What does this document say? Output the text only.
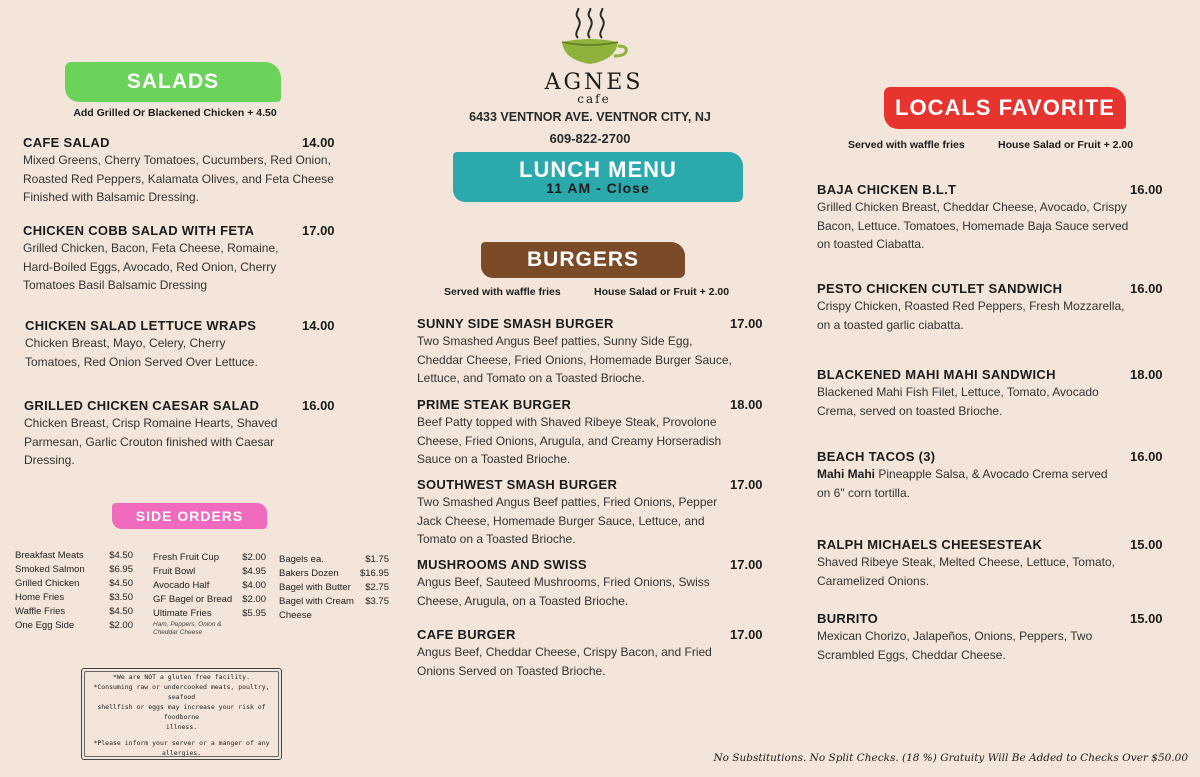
AGNES
cafe
6433 VENTNOR AVE. VENTNOR CITY, NJ
609-822-2700
LUNCH MENU
11 AM - Close
SALADS
Add Grilled Or Blackened Chicken + 4.50
CAFE SALAD	14.00
Mixed Greens, Cherry Tomatoes, Cucumbers, Red Onion,
Roasted Red Peppers, Kalamata Olives, and Feta Cheese
Finished with Balsamic Dressing.
CHICKEN COBB SALAD WITH FETA	17.00
Grilled Chicken, Bacon, Feta Cheese, Romaine,
Hard-Boiled Eggs, Avocado, Red Onion, Cherry
Tomatoes Basil Balsamic Dressing
CHICKEN SALAD LETTUCE WRAPS	14.00
Chicken Breast, Mayo, Celery, Cherry
Tomatoes, Red Onion Served Over Lettuce.
GRILLED CHICKEN CAESAR SALAD	16.00
Chicken Breast, Crisp Romaine Hearts, Shaved
Parmesan, Garlic Crouton finished with Caesar
Dressing.
SIDE ORDERS
Breakfast Meats	$4.50
Smoked Salmon	$6.95
Grilled Chicken	$4.50
Home Fries	$3.50
Waffle Fries	$4.50
One Egg Side	$2.00
Fresh Fruit Cup $2.00
Fruit Bowl	$4.95
Avocado Half	$4.00
GF Bagel or Bread $2.00
Ultimate Fries	$5.95
Ham, Peppers, Onion &
Cheddar Cheese
Bagels ea.	$1.75
Bakers Dozen $16.95
Bagel with Butter $2.75
Bagel with Cream $3.75
Cheese
*We are NOT a gluten free facility.
*Consuming raw or undercooked meats, poultry, seafood
shellfish or eggs may increase your risk of foodborne
illness.
*Please inform your server or a manger of any
allergies.
BURGERS
Served with waffle fries	House Salad or Fruit + 2.00
SUNNY SIDE SMASH BURGER	17.00
Two Smashed Angus Beef patties, Sunny Side Egg,
Cheddar Cheese, Fried Onions, Homemade Burger Sauce,
Lettuce, and Tomato on a Toasted Brioche.
PRIME STEAK BURGER	18.00
Beef Patty topped with Shaved Ribeye Steak, Provolone
Cheese, Fried Onions, Arugula, and Creamy Horseradish
Sauce on a Toasted Brioche.
SOUTHWEST SMASH BURGER	17.00
Two Smashed Angus Beef patties, Fried Onions, Pepper
Jack Cheese, Homemade Burger Sauce, Lettuce, and
Tomato on a Toasted Brioche.
MUSHROOMS AND SWISS	17.00
Angus Beef, Sauteed Mushrooms, Fried Onions, Swiss
Cheese, Arugula, on a Toasted Brioche.
CAFE BURGER	17.00
Angus Beef, Cheddar Cheese, Crispy Bacon, and Fried
Onions Served on Toasted Brioche.
LOCALS FAVORITE
Served with waffle fries	House Salad or Fruit + 2.00
BAJA CHICKEN B.L.T	16.00
Grilled Chicken Breast, Cheddar Cheese, Avocado, Crispy
Bacon, Lettuce. Tomatoes, Homemade Baja Sauce served
on toasted Ciabatta.
PESTO CHICKEN CUTLET SANDWICH	16.00
Crispy Chicken, Roasted Red Peppers, Fresh Mozzarella,
on a toasted garlic ciabatta.
BLACKENED MAHI MAHI SANDWICH	18.00
Blackened Mahi Fish Filet, Lettuce, Tomato, Avocado
Crema, served on toasted Brioche.
BEACH TACOS (3)	16.00
Mahi Mahi Pineapple Salsa, & Avocado Crema served
on 6" corn tortilla.
RALPH MICHAELS CHEESESTEAK	15.00
Shaved Ribeye Steak, Melted Cheese, Lettuce, Tomato,
Caramelized Onions.
BURRITO	15.00
Mexican Chorizo, Jalapeños, Onions, Peppers, Two
Scrambled Eggs, Cheddar Cheese.
No Substitutions. No Split Checks. (18 %) Gratuity Will Be Added to Checks Over $50.00
